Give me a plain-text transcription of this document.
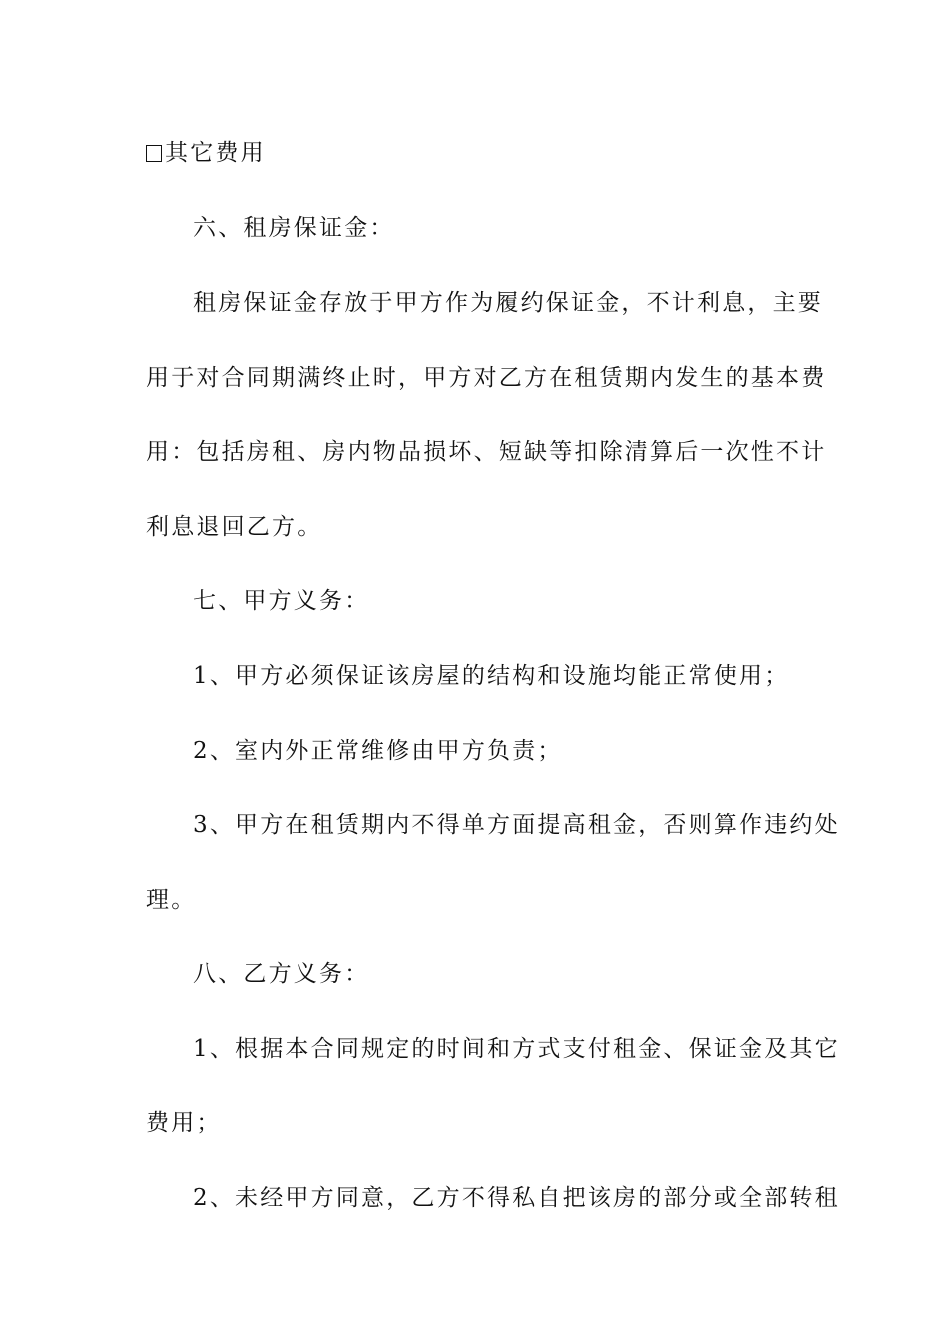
其它费用
六、租房保证金：
租房保证金存放于甲方作为履约保证金，不计利息，主要
用于对合同期满终止时，甲方对乙方在租赁期内发生的基本费
用：包括房租、房内物品损坏、短缺等扣除清算后一次性不计
利息退回乙方。
七、甲方义务：
1、甲方必须保证该房屋的结构和设施均能正常使用；
2、室内外正常维修由甲方负责；
3、甲方在租赁期内不得单方面提高租金，否则算作违约处
理。
八、乙方义务：
1、根据本合同规定的时间和方式支付租金、保证金及其它
费用；
2、未经甲方同意，乙方不得私自把该房的部分或全部转租
